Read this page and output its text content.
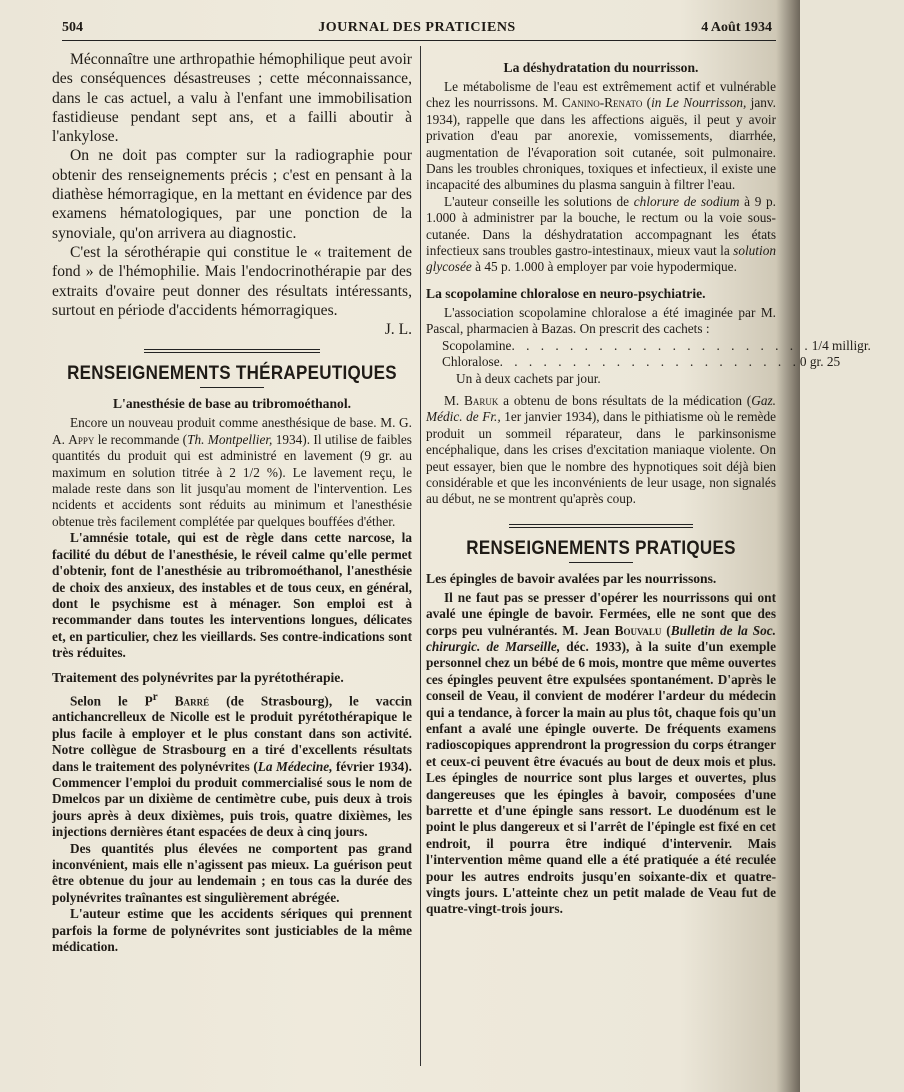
504	JOURNAL DES PRATICIENS	4 Août 1934

Méconnaître une arthropathie hémophilique peut avoir des conséquences désastreuses ; cette méconnaissance, dans le cas actuel, a valu à l'enfant une immobilisation fastidieuse pendant sept ans, et a failli aboutir à l'ankylose.

On ne doit pas compter sur la radiographie pour obtenir des renseignements précis ; c'est en pensant à la diathèse hémorragique, en la mettant en évidence par des examens hématologiques, par une ponction de la synoviale, qu'on arrivera au diagnostic.

C'est la sérothérapie qui constitue le « traitement de fond » de l'hémophilie. Mais l'endocrinothérapie par des extraits d'ovaire peut donner des résultats intéressants, surtout en période d'accidents hémorragiques.
J. L.

RENSEIGNEMENTS THÉRAPEUTIQUES
L'anesthésie de base au tribromoéthanol.

Encore un nouveau produit comme anesthésique de base. M. G. A. Appy le recommande (Th. Montpellier, 1934). Il utilise de faibles quantités du produit qui est administré en lavement (9 gr. au maximum en solution titrée à 2 1/2 %). Le lavement reçu, le malade reste dans son lit jusqu'au moment de l'intervention. Les ncidents et accidents sont réduits au minimum et l'anesthésie obtenue très facilement complétée par quelques bouffées d'éther.

L'amnésie totale, qui est de règle dans cette narcose, la facilité du début de l'anesthésie, le réveil calme qu'elle permet d'obtenir, font de l'anesthésie au tribromoéthanol, l'anesthésie de choix des anxieux, des instables et de tous ceux, en général, dont le psychisme est à ménager. Son emploi est à recommander dans toutes les interventions longues, délicates et, en particulier, chez les vieillards. Ses contre-indications sont très réduites.

Traitement des polynévrites par la pyrétothérapie.

Selon le $P^r$ Barré (de Strasbourg), le vaccin antichancrelleux de Nicolle est le produit pyrétothérapique le plus facile à employer et le plus constant dans son activité. Notre collègue de Strasbourg en a tiré d'excellents résultats dans le traitement des polynévrites (La Médecine, février 1934). Commencer l'emploi du produit commercialisé sous le nom de Dmelcos par un dixième de centimètre cube, puis deux à trois jours après à deux dixièmes, puis trois, quatre dixièmes, les injections dernières étant espacées de deux à cinq jours.

Des quantités plus élevées ne comportent pas grand inconvénient, mais elle n'agissent pas mieux. La guérison peut être obtenue du jour au lendemain ; en tous cas la durée des polynévrites traînantes est singulièrement abrégée.

L'auteur estime que les accidents sériques qui prennent parfois la forme de polynévrites sont justiciables de la même médication.

La déshydratation du nourrisson.

Le métabolisme de l'eau est extrêmement actif et vulnérable chez les nourrissons. M. Canino-Renato (in Le Nourrisson, janv. 1934), rappelle que dans les affections aiguës, il peut y avoir privation d'eau par anorexie, vomissements, diarrhée, augmentation de l'évaporation soit cutanée, soit pulmonaire. Dans les troubles chroniques, toxiques et infectieux, il existe une incapacité des albumines du plasma sanguin à filtrer l'eau.

L'auteur conseille les solutions de chlorure de sodium à 9 p. 1.000 à administrer par la bouche, le rectum ou la voie sous-cutanée. Dans la déshydratation accompagnant les états infectieux sans troubles gastro-intestinaux, mieux vaut la solution glycosée à 45 p. 1.000 à employer par voie hypodermique.

La scopolamine chloralose en neuro-psychiatrie.

L'association scopolamine chloralose a été imaginée par M. Pascal, pharmacien à Bazas. On prescrit des cachets :

Scopolamine . . . . . . . . . . . . . . . . . . . . . 1/4 milligr.
Chloralose . . . . . . . . . . . . . . . . . . . . . 0 gr. 25

Un à deux cachets par jour.

M. Baruk a obtenu de bons résultats de la médication (Gaz. Médic. de Fr., 1er janvier 1934), dans le pithiatisme où le remède produit un sommeil réparateur, dans le parkinsonisme encéphalique, dans les crises d'excitation maniaque violente. On peut essayer, bien que le nombre des hypnotiques soit déjà bien considérable et que les inconvénients de leur usage, non signalés au début, ne se montrent qu'après coup.

RENSEIGNEMENTS PRATIQUES
Les épingles de bavoir avalées par les nourrissons.

Il ne faut pas se presser d'opérer les nourrissons qui ont avalé une épingle de bavoir. Fermées, elle ne sont que des corps peu vulnérantés. M. Jean Bouvalu (Bulletin de la Soc. chirurgic. de Marseille, déc. 1933), à la suite d'un exemple personnel chez un bébé de 6 mois, montre que même ouvertes ces épingles peuvent être expulsées spontanément. D'après le conseil de Veau, il convient de modérer l'ardeur du médecin qui a tendance, à forcer la main au plus tôt, chaque fois qu'un enfant a avalé une épingle ouverte. De fréquents examens radioscopiques apprendront la progression du corps étranger et ceux-ci peuvent être évacués au bout de deux mois et plus. Les épingles de nourrice sont plus larges et ouvertes, plus dangereuses que les épingles à bavoir, composées d'une barrette et d'une épingle sans ressort. Le duodénum est le point le plus dangereux et si l'arrêt de l'épingle est fixé en cet endroit, il pourra être indiqué d'intervenir. Mais l'intervention même quand elle a été pratiquée a été reculée pour les autres endroits jusqu'en soixante-dix et quatre-vingts jours. L'atteinte chez un petit malade de Veau fut de quatre-vingt-trois jours.
